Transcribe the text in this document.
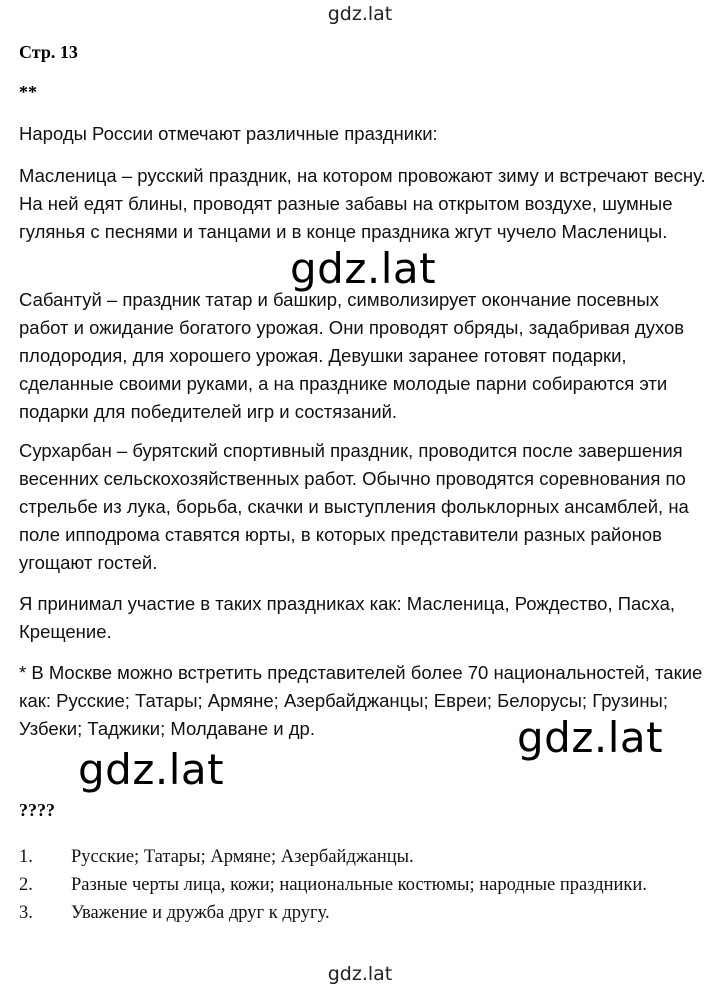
gdz.lat
Стр. 13
**

Народы России отмечают различные праздники:

Масленица – русский праздник, на котором провожают зиму и встречают весну. На ней едят блины, проводят разные забавы на открытом воздухе, шумные гулянья с песнями и танцами и в конце праздника жгут чучело Масленицы.

Сабантуй – праздник татар и башкир, символизирует окончание посевных работ и ожидание богатого урожая. Они проводят обряды, задабривая духов плодородия, для хорошего урожая. Девушки заранее готовят подарки, сделанные своими руками, а на празднике молодые парни собираются эти подарки для победителей игр и состязаний.

Сурхарбан – бурятский спортивный праздник, проводится после завершения весенних сельскохозяйственных работ. Обычно проводятся соревнования по стрельбе из лука, борьба, скачки и выступления фольклорных ансамблей, на поле ипподрома ставятся юрты, в которых представители разных районов угощают гостей.

Я принимал участие в таких праздниках как: Масленица, Рождество, Пасха, Крещение.

* В Москве можно встретить представителей более 70 национальностей, такие как: Русские; Татары; Армяне; Азербайджанцы; Евреи; Белорусы; Грузины; Узбеки; Таджики; Молдаване и др.

????
1. Русские; Татары; Армяне; Азербайджанцы.
2. Разные черты лица, кожи; национальные костюмы; народные праздники.
3. Уважение и дружба друг к другу.
gdz.lat
gdz.lat
gdz.lat
gdz.lat
